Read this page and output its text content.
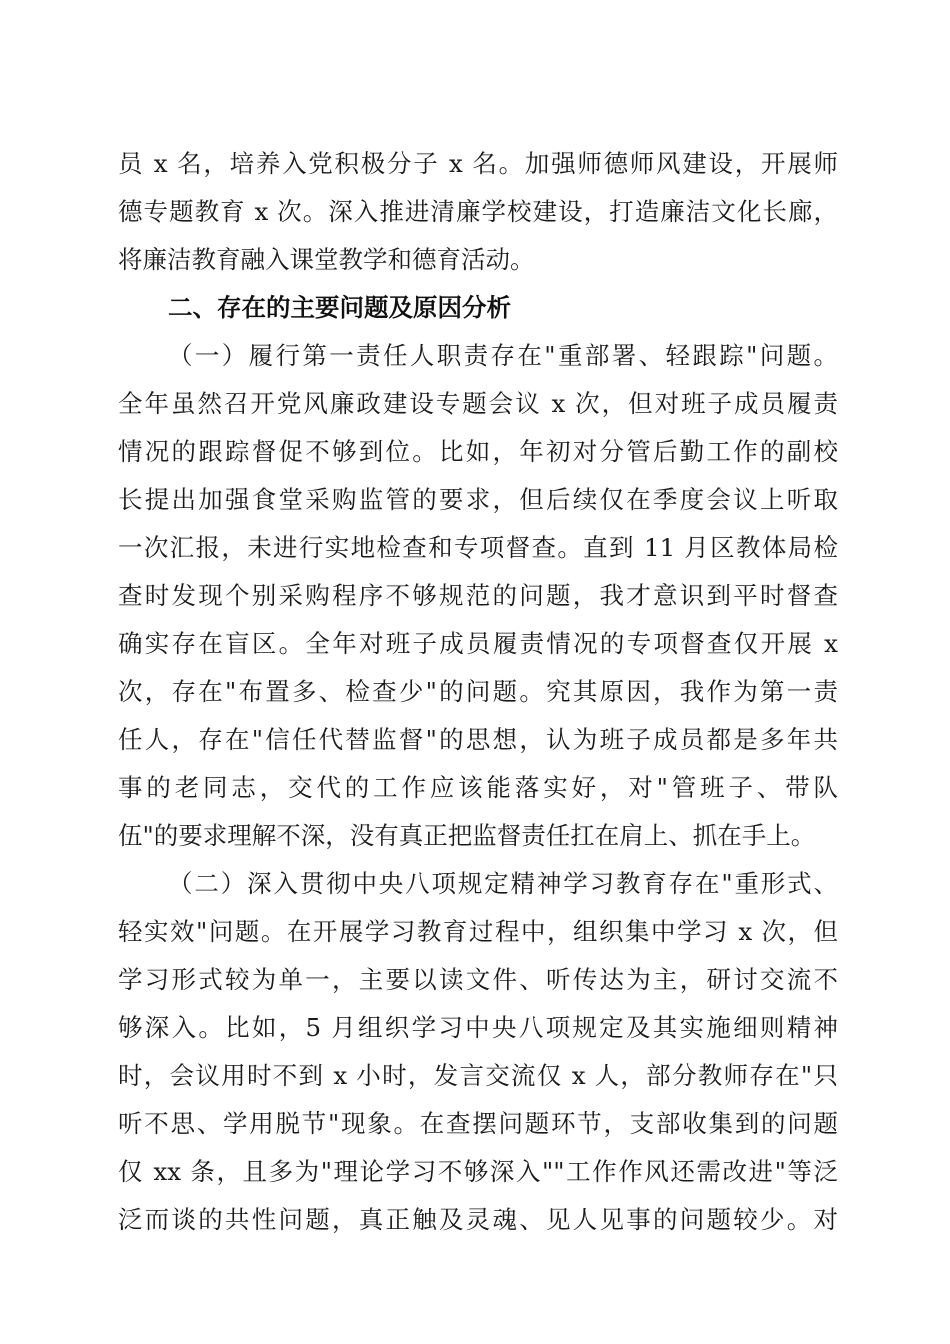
员 x 名，培养入党积极分子 x 名。加强师德师风建设，开展师
德专题教育 x 次。深入推进清廉学校建设，打造廉洁文化长廊，
将廉洁教育融入课堂教学和德育活动。
二、存在的主要问题及原因分析
（一）履行第一责任人职责存在"重部署、轻跟踪"问题。
全年虽然召开党风廉政建设专题会议 x 次，但对班子成员履责
情况的跟踪督促不够到位。比如，年初对分管后勤工作的副校
长提出加强食堂采购监管的要求，但后续仅在季度会议上听取
一次汇报，未进行实地检查和专项督查。直到 11 月区教体局检
查时发现个别采购程序不够规范的问题，我才意识到平时督查
确实存在盲区。全年对班子成员履责情况的专项督查仅开展 x
次，存在"布置多、检查少"的问题。究其原因，我作为第一责
任人，存在"信任代替监督"的思想，认为班子成员都是多年共
事的老同志，交代的工作应该能落实好，对"管班子、带队
伍"的要求理解不深，没有真正把监督责任扛在肩上、抓在手上。
（二）深入贯彻中央八项规定精神学习教育存在"重形式、
轻实效"问题。在开展学习教育过程中，组织集中学习 x 次，但
学习形式较为单一，主要以读文件、听传达为主，研讨交流不
够深入。比如，5 月组织学习中央八项规定及其实施细则精神
时，会议用时不到 x 小时，发言交流仅 x 人，部分教师存在"只
听不思、学用脱节"现象。在查摆问题环节，支部收集到的问题
仅 xx 条，且多为"理论学习不够深入""工作作风还需改进"等泛
泛而谈的共性问题，真正触及灵魂、见人见事的问题较少。对
